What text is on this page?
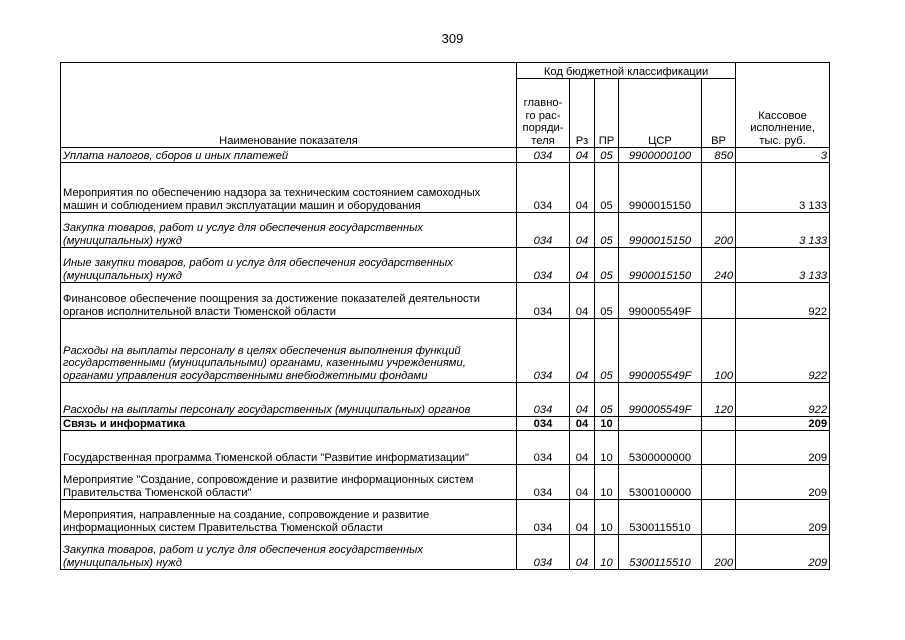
309
Наименование показателя	Код бюджетной классификации					Кассовое исполнение, тыс. руб.
	главно-го рас-поряди-теля	Рз	ПР	ЦСР	ВР	
Уплата налогов, сборов и иных платежей	034	04	05	9900000100	850	3
Мероприятия по обеспечению надзора за техническим состоянием самоходных машин и соблюдением правил эксплуатации машин и оборудования	034	04	05	9900015150		3 133
Закупка товаров, работ и услуг для обеспечения государственных (муниципальных) нужд	034	04	05	9900015150	200	3 133
Иные закупки товаров, работ и услуг для обеспечения государственных (муниципальных) нужд	034	04	05	9900015150	240	3 133
Финансовое обеспечение поощрения за достижение показателей деятельности органов исполнительной власти Тюменской области	034	04	05	990005549F		922
Расходы на выплаты персоналу в целях обеспечения выполнения функций государственными (муниципальными) органами, казенными учреждениями, органами управления государственными внебюджетными фондами	034	04	05	990005549F	100	922
Расходы на выплаты персоналу государственных (муниципальных) органов	034	04	05	990005549F	120	922
Связь и информатика	034	04	10			209
Государственная программа Тюменской области "Развитие информатизации"	034	04	10	5300000000		209
Мероприятие "Создание, сопровождение и развитие информационных систем Правительства Тюменской области"	034	04	10	5300100000		209
Мероприятия, направленные на создание, сопровождение и развитие информационных систем Правительства Тюменской области	034	04	10	5300115510		209
Закупка товаров, работ и услуг для обеспечения государственных (муниципальных) нужд	034	04	10	5300115510	200	209
